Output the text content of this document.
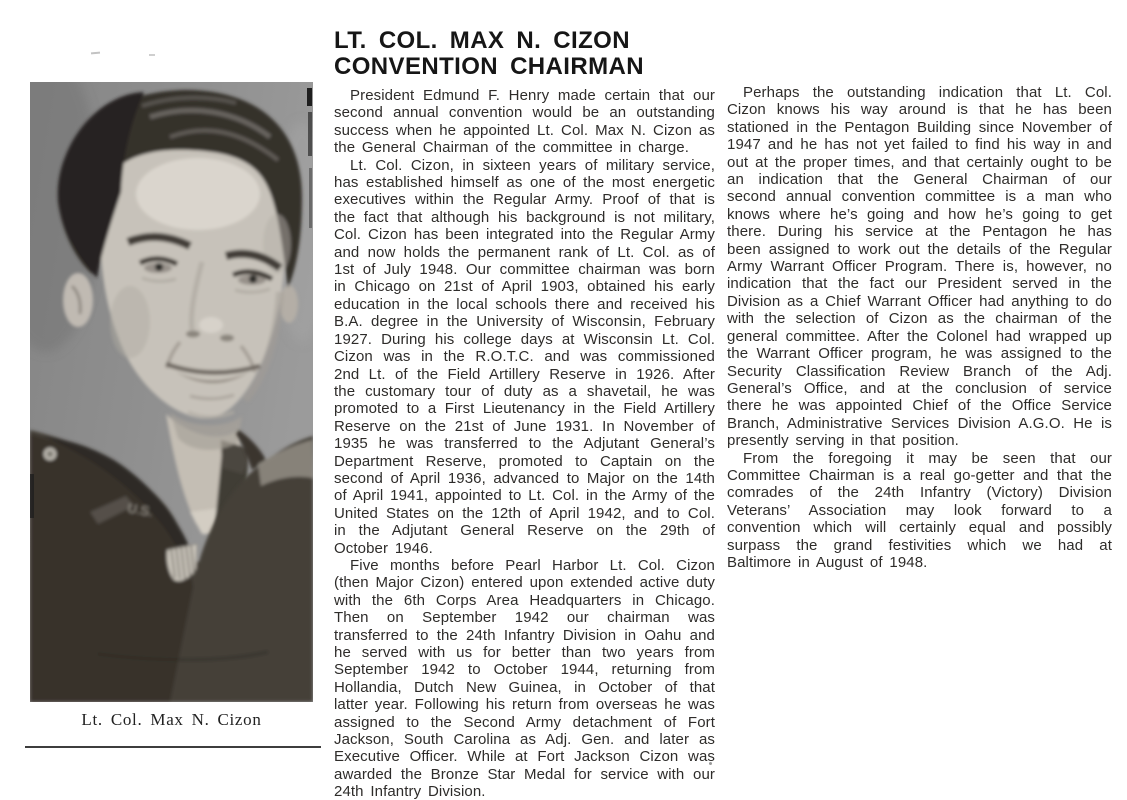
U.S.
Lt. Col. Max N. Cizon
LT. COL. MAX N. CIZON
CONVENTION CHAIRMAN

President Edmund F. Henry made certain that our second annual convention would be an outstanding success when he appointed Lt. Col. Max N. Cizon as the General Chairman of the committee in charge.

Lt. Col. Cizon, in sixteen years of military service, has established himself as one of the most energetic executives within the Regular Army. Proof of that is the fact that although his background is not military, Col. Cizon has been integrated into the Regular Army and now holds the permanent rank of Lt. Col. as of 1st of July 1948. Our committee chairman was born in Chicago on 21st of April 1903, obtained his early education in the local schools there and received his B.A. degree in the University of Wisconsin, February 1927. During his college days at Wisconsin Lt. Col. Cizon was in the R.O.T.C. and was commissioned 2nd Lt. of the Field Artillery Reserve in 1926. After the customary tour of duty as a shavetail, he was promoted to a First Lieutenancy in the Field Artillery Reserve on the 21st of June 1931. In November of 1935 he was transferred to the Adjutant General’s Department Reserve, promoted to Captain on the second of April 1936, advanced to Major on the 14th of April 1941, appointed to Lt. Col. in the Army of the United States on the 12th of April 1942, and to Col. in the Adjutant General Reserve on the 29th of October 1946.

Five months before Pearl Harbor Lt. Col. Cizon (then Major Cizon) entered upon extended active duty with the 6th Corps Area Headquarters in Chicago. Then on September 1942 our chairman was transferred to the 24th Infantry Division in Oahu and he served with us for better than two years from September 1942 to October 1944, returning from Hollandia, Dutch New Guinea, in October of that latter year. Following his return from overseas he was assigned to the Second Army detachment of Fort Jackson, South Carolina as Adj. Gen. and later as Executive Officer. While at Fort Jackson Cizon was awarded the Bronze Star Medal for service with our 24th Infantry Division.

Perhaps the outstanding indication that Lt. Col. Cizon knows his way around is that he has been stationed in the Pentagon Building since November of 1947 and he has not yet failed to find his way in and out at the proper times, and that certainly ought to be an indication that the General Chairman of our second annual convention committee is a man who knows where he’s going and how he’s going to get there. During his service at the Pentagon he has been assigned to work out the details of the Regular Army Warrant Officer Program. There is, however, no indication that the fact our President served in the Division as a Chief Warrant Officer had anything to do with the selection of Cizon as the chairman of the general committee. After the Colonel had wrapped up the Warrant Officer program, he was assigned to the Security Classification Review Branch of the Adj. General’s Office, and at the conclusion of service there he was appointed Chief of the Office Service Branch, Administrative Services Division A.G.O. He is presently serving in that position.

From the foregoing it may be seen that our Committee Chairman is a real go-getter and that the comrades of the 24th Infantry (Victory) Division Veterans’ Association may look forward to a convention which will certainly equal and possibly surpass the grand festivities which we had at Baltimore in August of 1948.
